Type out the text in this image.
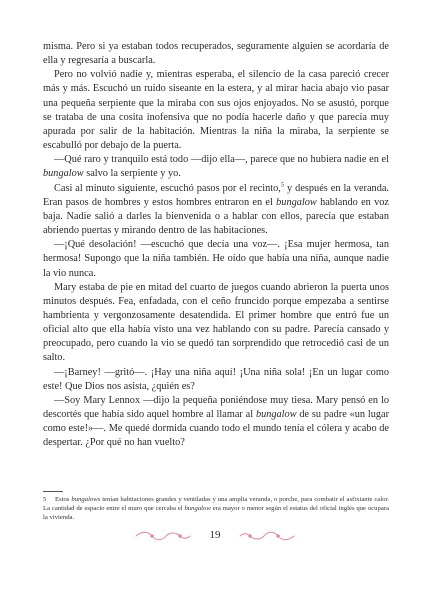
misma. Pero si ya estaban todos recuperados, seguramente alguien se acordaría de ella y regresaría a buscarla.

Pero no volvió nadie y, mientras esperaba, el silencio de la casa pareció crecer más y más. Escuchó un ruido siseante en la estera, y al mirar hacia abajo vio pasar una pequeña serpiente que la miraba con sus ojos enjoyados. No se asustó, porque se trataba de una cosita inofensiva que no podía hacerle daño y que parecía muy apurada por salir de la habitación. Mientras la niña la miraba, la serpiente se escabulló por debajo de la puerta.

—Qué raro y tranquilo está todo —dijo ella—, parece que no hubiera nadie en el bungalow salvo la serpiente y yo.

Casi al minuto siguiente, escuchó pasos por el recinto,$^5$ y después en la veranda. Eran pasos de hombres y estos hombres entraron en el bungalow hablando en voz baja. Nadie salió a darles la bienvenida o a hablar con ellos, parecía que estaban abriendo puertas y mirando dentro de las habitaciones.

—¡Qué desolación! —escuchó que decía una voz—. ¡Esa mujer hermosa, tan hermosa! Supongo que la niña también. He oído que había una niña, aunque nadie la vio nunca.

Mary estaba de pie en mitad del cuarto de juegos cuando abrieron la puerta unos minutos después. Fea, enfadada, con el ceño fruncido porque empezaba a sentirse hambrienta y vergonzosamente desatendida. El primer hombre que entró fue un oficial alto que ella había visto una vez hablando con su padre. Parecía cansado y preocupado, pero cuando la vio se quedó tan sorprendido que retrocedió casi de un salto.

—¡Barney! —gritó—. ¡Hay una niña aquí! ¡Una niña sola! ¡En un lugar como este! Que Dios nos asista, ¿quién es?

—Soy Mary Lennox —dijo la pequeña poniéndose muy tiesa. Mary pensó en lo descortés que había sido aquel hombre al llamar al bungalow de su padre «un lugar como este!»—. Me quedé dormida cuando todo el mundo tenía el cólera y acabo de despertar. ¿Por qué no han vuelto?

5 Estos bungalows tenían habitaciones grandes y ventiladas y una amplia veranda, o porche, para combatir el asfixiante calor. La cantidad de espacio entre el muro que cercaba el bungalow era mayor o menor según el estatus del oficial inglés que ocupara la vivienda.
19
